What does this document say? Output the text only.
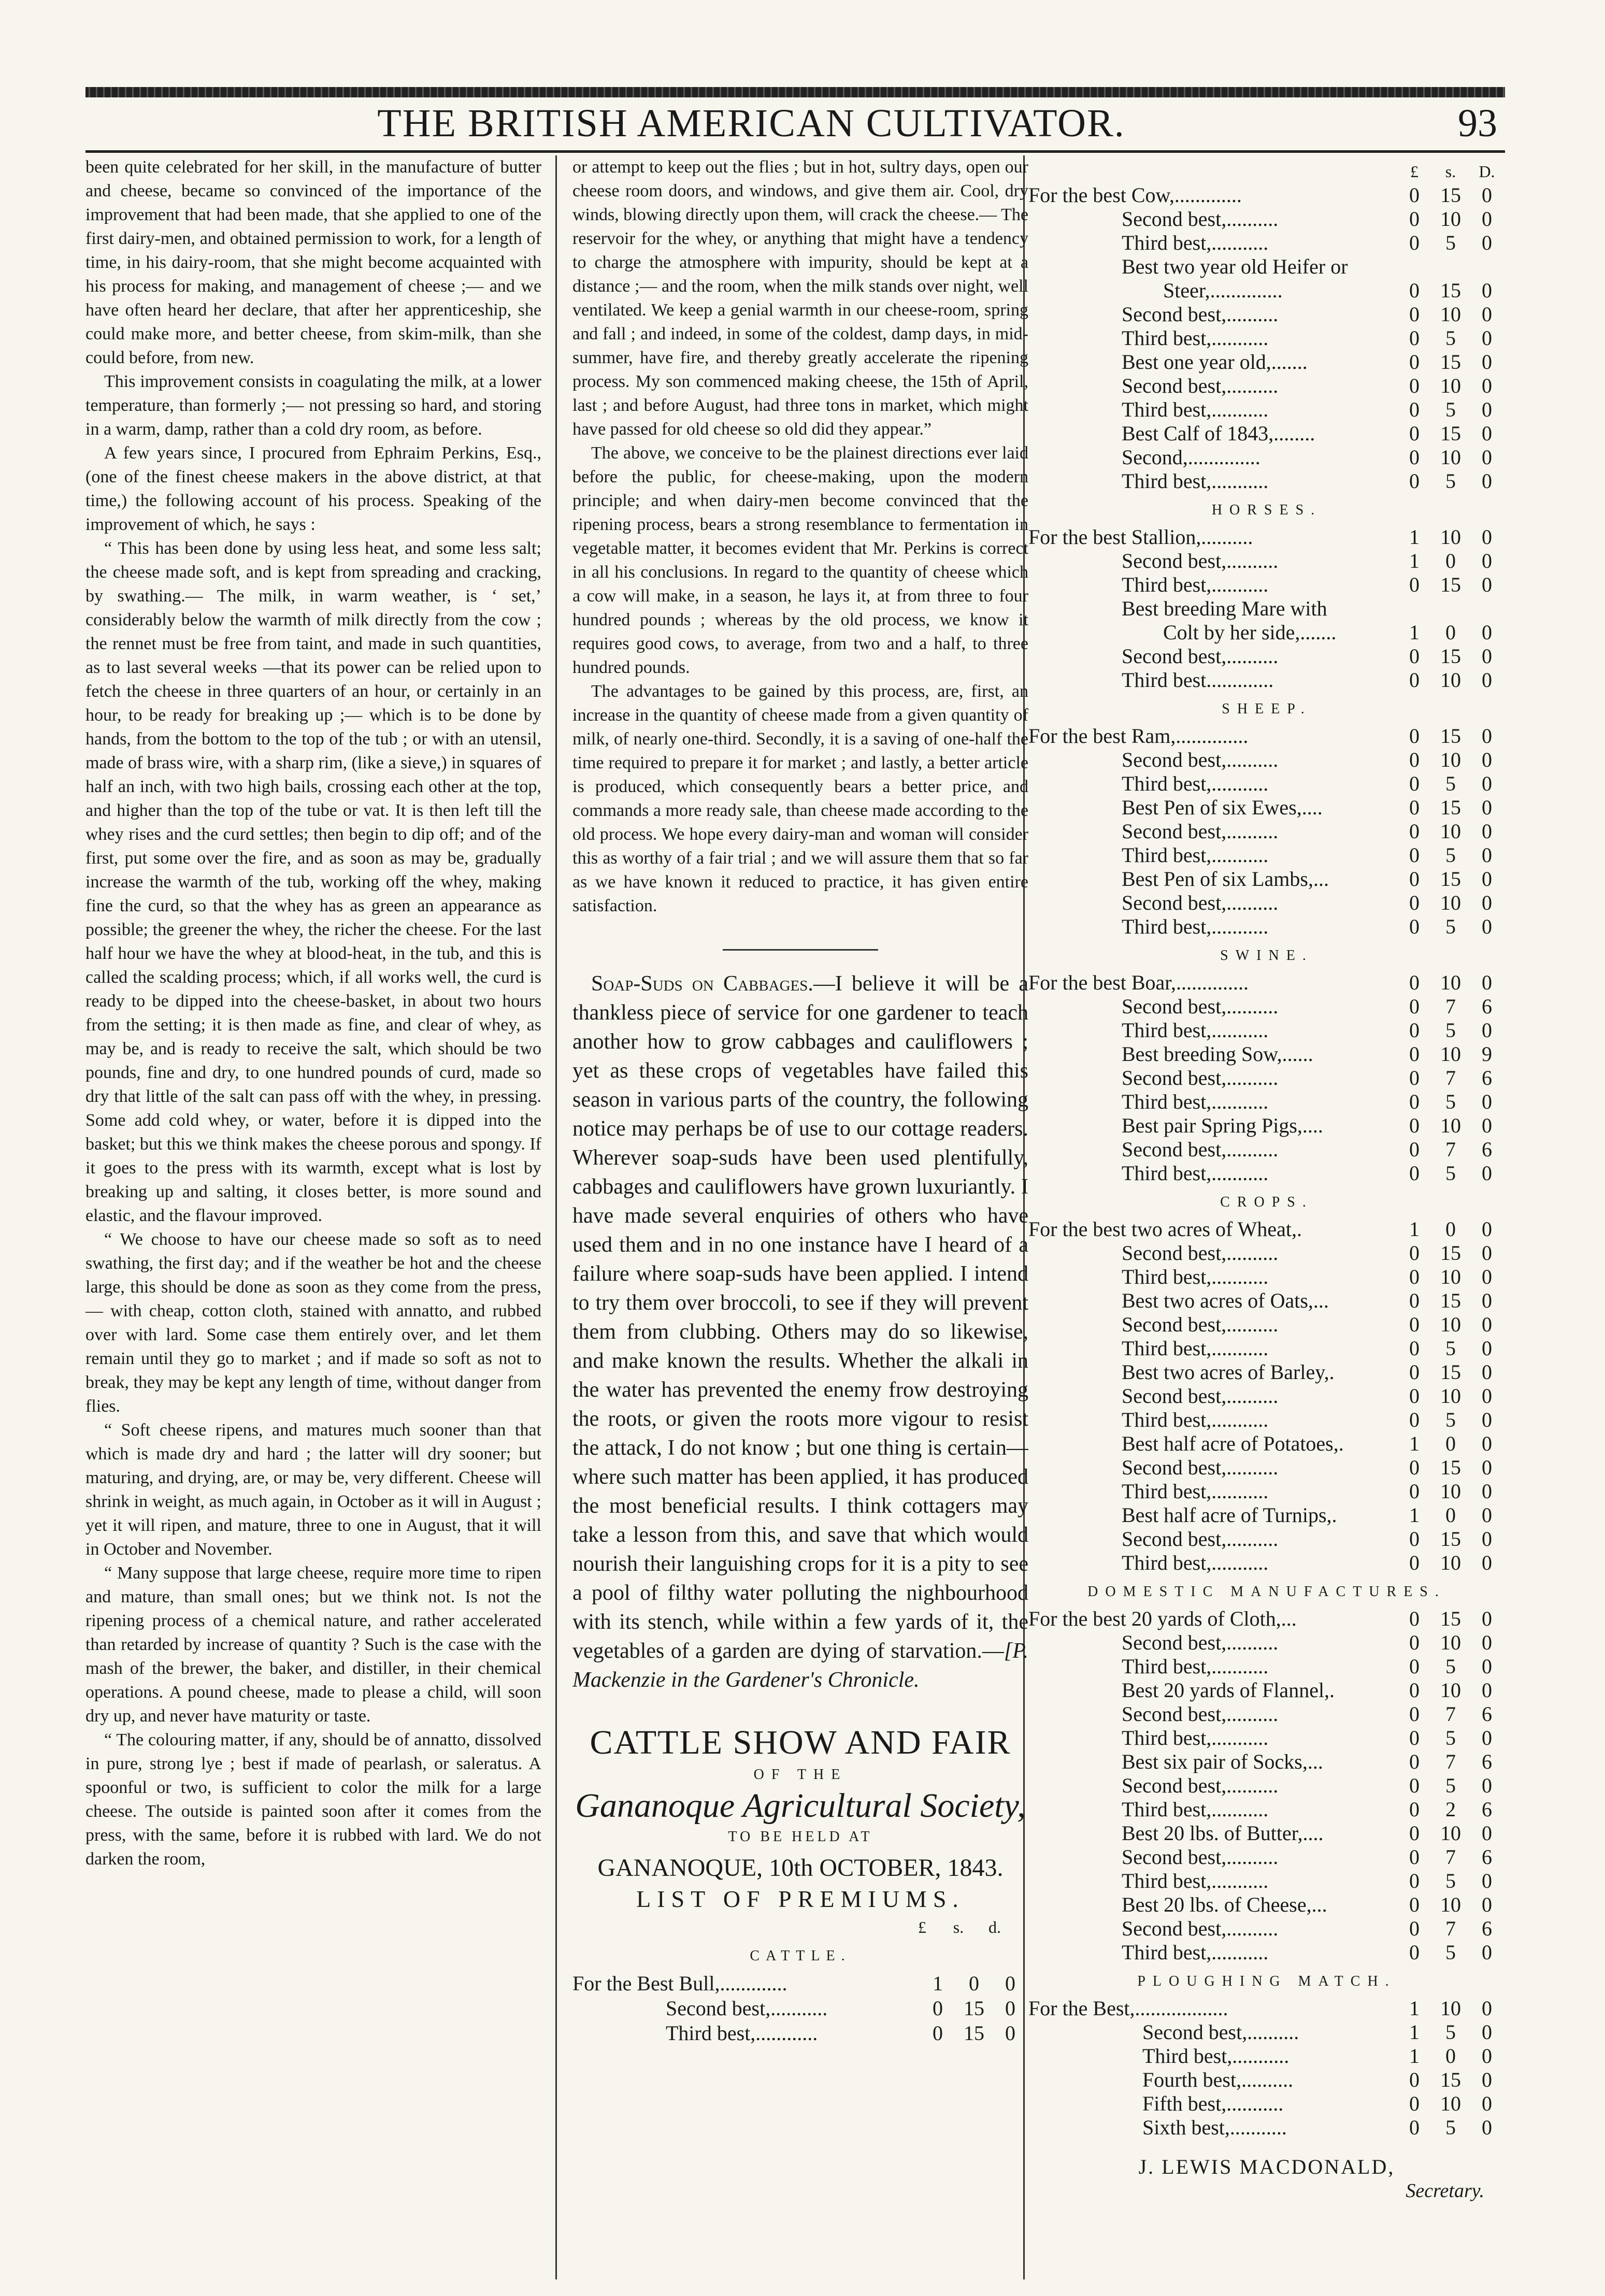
THE BRITISH AMERICAN CULTIVATOR.	93

been quite celebrated for her skill, in the manufacture of butter and cheese, became so convinced of the importance of the improvement that had been made, that she applied to one of the first dairy-men, and obtained permission to work, for a length of time, in his dairy-room, that she might become acquainted with his process for making, and management of cheese ;— and we have often heard her declare, that after her apprenticeship, she could make more, and better cheese, from skim-milk, than she could before, from new.

This improvement consists in coagulating the milk, at a lower temperature, than formerly ;— not pressing so hard, and storing in a warm, damp, rather than a cold dry room, as before.

A few years since, I procured from Ephraim Perkins, Esq., (one of the finest cheese makers in the above district, at that time,) the following account of his process. Speaking of the improvement of which, he says :

“ This has been done by using less heat, and some less salt; the cheese made soft, and is kept from spreading and cracking, by swathing.— The milk, in warm weather, is ‘ set,’ considerably below the warmth of milk directly from the cow ; the rennet must be free from taint, and made in such quantities, as to last several weeks —that its power can be relied upon to fetch the cheese in three quarters of an hour, or certainly in an hour, to be ready for breaking up ;— which is to be done by hands, from the bottom to the top of the tub ; or with an utensil, made of brass wire, with a sharp rim, (like a sieve,) in squares of half an inch, with two high bails, crossing each other at the top, and higher than the top of the tube or vat. It is then left till the whey rises and the curd settles; then begin to dip off; and of the first, put some over the fire, and as soon as may be, gradually increase the warmth of the tub, working off the whey, making fine the curd, so that the whey has as green an appearance as possible; the greener the whey, the richer the cheese. For the last half hour we have the whey at blood-heat, in the tub, and this is called the scalding process; which, if all works well, the curd is ready to be dipped into the cheese-basket, in about two hours from the setting; it is then made as fine, and clear of whey, as may be, and is ready to receive the salt, which should be two pounds, fine and dry, to one hundred pounds of curd, made so dry that little of the salt can pass off with the whey, in pressing. Some add cold whey, or water, before it is dipped into the basket; but this we think makes the cheese porous and spongy. If it goes to the press with its warmth, except what is lost by breaking up and salting, it closes better, is more sound and elastic, and the flavour improved.

“ We choose to have our cheese made so soft as to need swathing, the first day; and if the weather be hot and the cheese large, this should be done as soon as they come from the press,— with cheap, cotton cloth, stained with annatto, and rubbed over with lard. Some case them entirely over, and let them remain until they go to market ; and if made so soft as not to break, they may be kept any length of time, without danger from flies.

“ Soft cheese ripens, and matures much sooner than that which is made dry and hard ; the latter will dry sooner; but maturing, and drying, are, or may be, very different. Cheese will shrink in weight, as much again, in October as it will in August ; yet it will ripen, and mature, three to one in August, that it will in October and November.

“ Many suppose that large cheese, require more time to ripen and mature, than small ones; but we think not. Is not the ripening process of a chemical nature, and rather accelerated than retarded by increase of quantity ? Such is the case with the mash of the brewer, the baker, and distiller, in their chemical operations. A pound cheese, made to please a child, will soon dry up, and never have maturity or taste.

“ The colouring matter, if any, should be of annatto, dissolved in pure, strong lye ; best if made of pearlash, or saleratus. A spoonful or two, is sufficient to color the milk for a large cheese. The outside is painted soon after it comes from the press, with the same, before it is rubbed with lard. We do not darken the room,

or attempt to keep out the flies ; but in hot, sultry days, open our cheese room doors, and windows, and give them air. Cool, dry winds, blowing directly upon them, will crack the cheese.— The reservoir for the whey, or anything that might have a tendency to charge the atmosphere with impurity, should be kept at a distance ;— and the room, when the milk stands over night, well ventilated. We keep a genial warmth in our cheese-room, spring and fall ; and indeed, in some of the coldest, damp days, in mid-summer, have fire, and thereby greatly accelerate the ripening process. My son commenced making cheese, the 15th of April, last ; and before August, had three tons in market, which might have passed for old cheese so old did they appear.”

The above, we conceive to be the plainest directions ever laid before the public, for cheese-making, upon the modern principle; and when dairy-men become convinced that the ripening process, bears a strong resemblance to fermentation in vegetable matter, it becomes evident that Mr. Perkins is correct in all his conclusions. In regard to the quantity of cheese which a cow will make, in a season, he lays it, at from three to four hundred pounds ; whereas by the old process, we know it requires good cows, to average, from two and a half, to three hundred pounds.

The advantages to be gained by this process, are, first, an increase in the quantity of cheese made from a given quantity of milk, of nearly one-third. Secondly, it is a saving of one-half the time required to prepare it for market ; and lastly, a better article is produced, which consequently bears a better price, and commands a more ready sale, than cheese made according to the old process. We hope every dairy-man and woman will consider this as worthy of a fair trial ; and we will assure them that so far as we have known it reduced to practice, it has given entire satisfaction.

Soap-Suds on Cabbages.—I believe it will be a thankless piece of service for one gardener to teach another how to grow cabbages and cauliflowers ; yet as these crops of vegetables have failed this season in various parts of the country, the following notice may perhaps be of use to our cottage readers. Wherever soap-suds have been used plentifully, cabbages and cauliflowers have grown luxuriantly. I have made several enquiries of others who have used them and in no one instance have I heard of a failure where soap-suds have been applied. I intend to try them over broccoli, to see if they will prevent them from clubbing. Others may do so likewise, and make known the results. Whether the alkali in the water has prevented the enemy frow destroying the roots, or given the roots more vigour to resist the attack, I do not know ; but one thing is certain—where such matter has been applied, it has produced the most beneficial results. I think cottagers may take a lesson from this, and save that which would nourish their languishing crops for it is a pity to see a pool of filthy water polluting the nighbourhood with its stench, while within a few yards of it, the vegetables of a garden are dying of starvation.—[P. Mackenzie in the Gardener's Chronicle.

CATTLE SHOW AND FAIR
OF THE
Gananoque Agricultural Society,
TO BE HELD AT
GANANOQUE, 10th OCTOBER, 1843.
LIST OF PREMIUMS.
£	s.	d.
CATTLE.
For the Best Bull,.............	1	0	0
Second best,...........	0	15	0
Third best,............	0	15	0
£	s.	D.
For the best Cow,.............	0	15	0
Second best,..........	0	10	0
Third best,...........	0	5	0
Best two year old Heifer or
Steer,..............	0	15	0
Second best,..........	0	10	0
Third best,...........	0	5	0
Best one year old,.......	0	15	0
Second best,..........	0	10	0
Third best,...........	0	5	0
Best Calf of 1843,........	0	15	0
Second,..............	0	10	0
Third best,...........	0	5	0
HORSES.
For the best Stallion,..........	1	10	0
Second best,..........	1	0	0
Third best,...........	0	15	0
Best breeding Mare with
Colt by her side,.......	1	0	0
Second best,..........	0	15	0
Third best.............	0	10	0
SHEEP.
For the best Ram,..............	0	15	0
Second best,..........	0	10	0
Third best,...........	0	5	0
Best Pen of six Ewes,....	0	15	0
Second best,..........	0	10	0
Third best,...........	0	5	0
Best Pen of six Lambs,...	0	15	0
Second best,..........	0	10	0
Third best,...........	0	5	0
SWINE.
For the best Boar,..............	0	10	0
Second best,..........	0	7	6
Third best,...........	0	5	0
Best breeding Sow,......	0	10	9
Second best,..........	0	7	6
Third best,...........	0	5	0
Best pair Spring Pigs,....	0	10	0
Second best,..........	0	7	6
Third best,...........	0	5	0
CROPS.
For the best two acres of Wheat,.	1	0	0
Second best,..........	0	15	0
Third best,...........	0	10	0
Best two acres of Oats,...	0	15	0
Second best,..........	0	10	0
Third best,...........	0	5	0
Best two acres of Barley,.	0	15	0
Second best,..........	0	10	0
Third best,...........	0	5	0
Best half acre of Potatoes,.	1	0	0
Second best,..........	0	15	0
Third best,...........	0	10	0
Best half acre of Turnips,.	1	0	0
Second best,..........	0	15	0
Third best,...........	0	10	0
DOMESTIC MANUFACTURES.
For the best 20 yards of Cloth,...	0	15	0
Second best,..........	0	10	0
Third best,...........	0	5	0
Best 20 yards of Flannel,.	0	10	0
Second best,..........	0	7	6
Third best,...........	0	5	0
Best six pair of Socks,...	0	7	6
Second best,..........	0	5	0
Third best,...........	0	2	6
Best 20 lbs. of Butter,....	0	10	0
Second best,..........	0	7	6
Third best,...........	0	5	0
Best 20 lbs. of Cheese,...	0	10	0
Second best,..........	0	7	6
Third best,...........	0	5	0
PLOUGHING MATCH.
For the Best,..................	1	10	0
Second best,..........	1	5	0
Third best,...........	1	0	0
Fourth best,..........	0	15	0
Fifth best,...........	0	10	0
Sixth best,...........	0	5	0
J. LEWIS MACDONALD,
Secretary.
